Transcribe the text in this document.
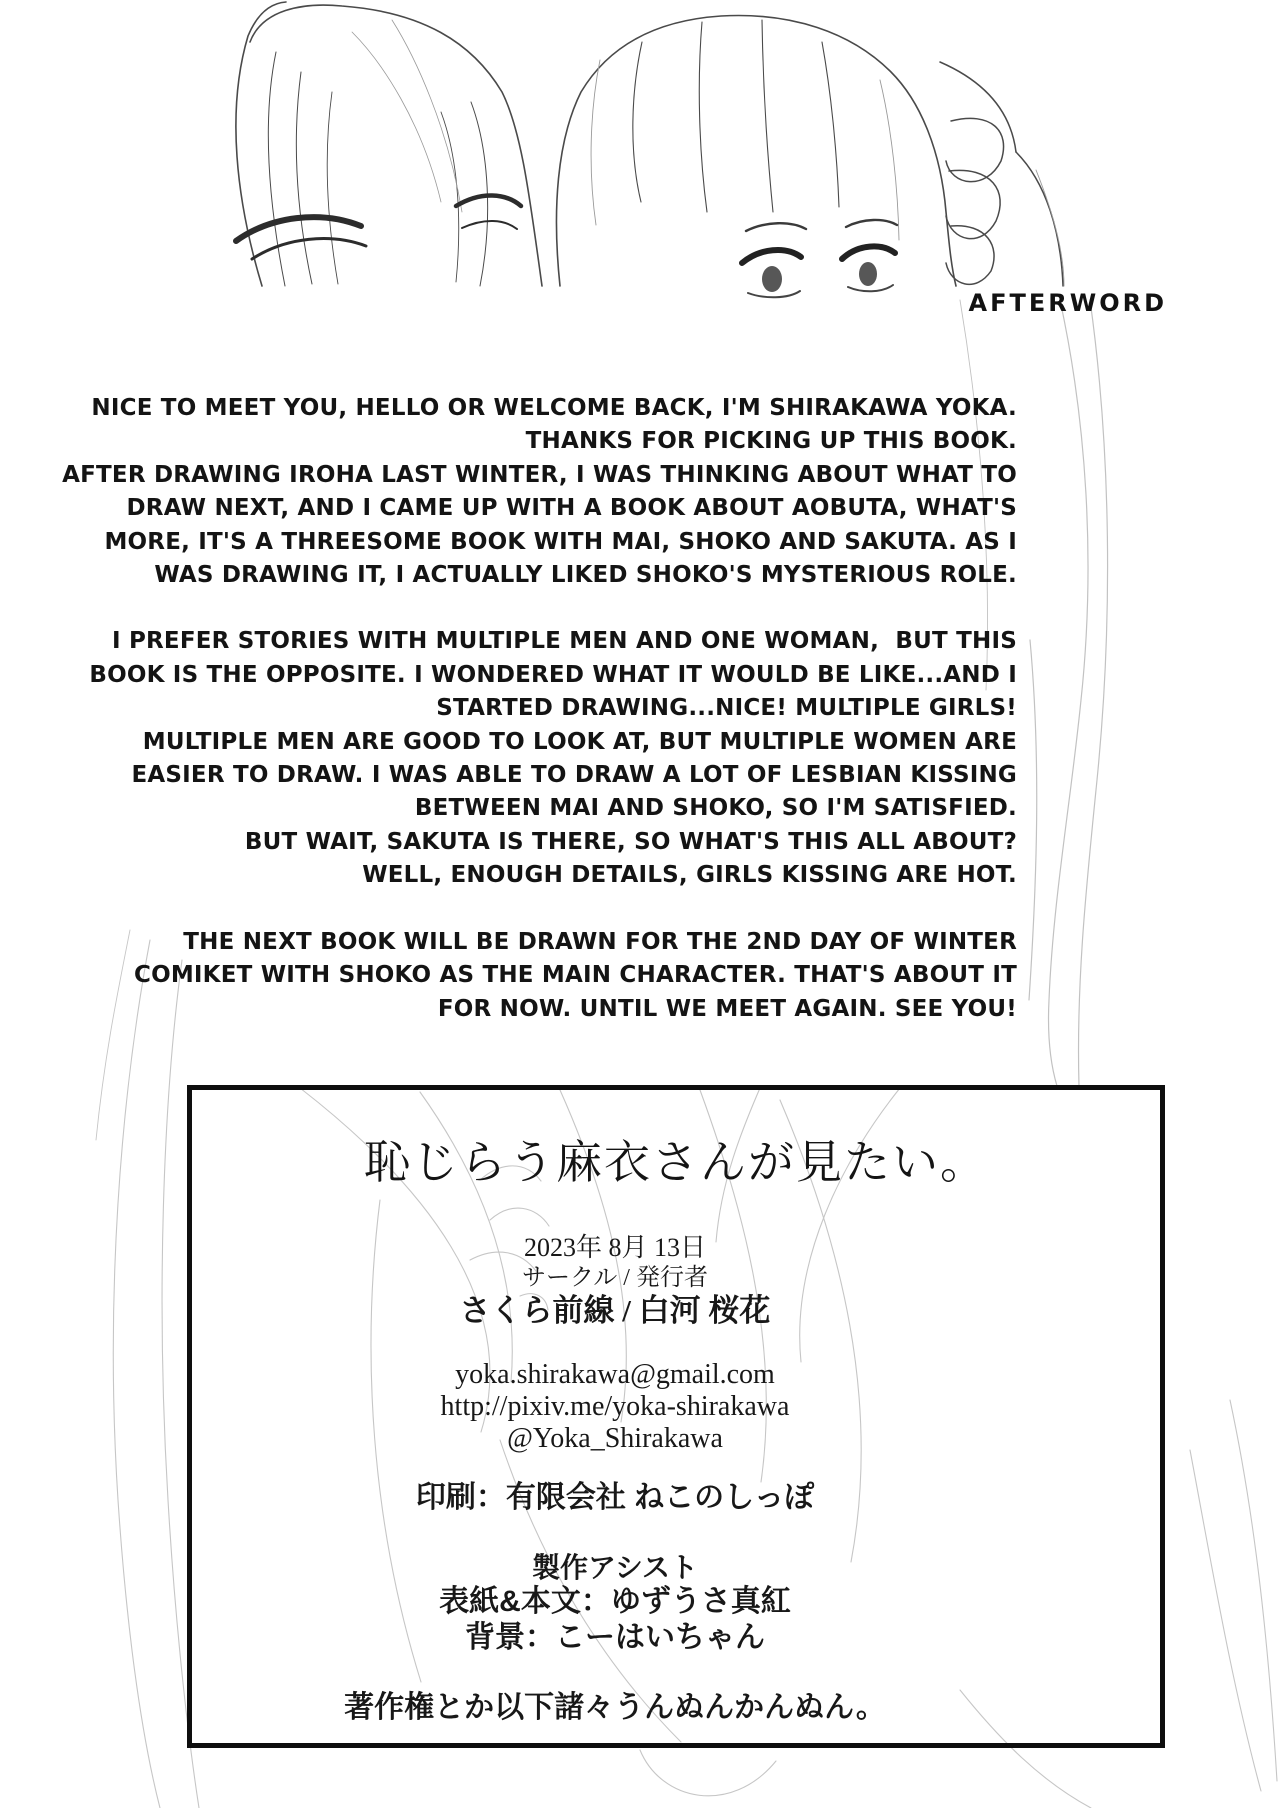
AFTERWORD
NICE TO MEET YOU, HELLO OR WELCOME BACK, I'M SHIRAKAWA YOKA.
THANKS FOR PICKING UP THIS BOOK.
AFTER DRAWING IROHA LAST WINTER, I WAS THINKING ABOUT WHAT TO
DRAW NEXT, AND I CAME UP WITH A BOOK ABOUT AOBUTA, WHAT'S
MORE, IT'S A THREESOME BOOK WITH MAI, SHOKO AND SAKUTA. AS I
WAS DRAWING IT, I ACTUALLY LIKED SHOKO'S MYSTERIOUS ROLE.
I PREFER STORIES WITH MULTIPLE MEN AND ONE WOMAN,  BUT THIS
BOOK IS THE OPPOSITE. I WONDERED WHAT IT WOULD BE LIKE...AND I
STARTED DRAWING...NICE! MULTIPLE GIRLS!
MULTIPLE MEN ARE GOOD TO LOOK AT, BUT MULTIPLE WOMEN ARE
EASIER TO DRAW. I WAS ABLE TO DRAW A LOT OF LESBIAN KISSING
BETWEEN MAI AND SHOKO, SO I'M SATISFIED.
BUT WAIT, SAKUTA IS THERE, SO WHAT'S THIS ALL ABOUT?
WELL, ENOUGH DETAILS, GIRLS KISSING ARE HOT.
THE NEXT BOOK WILL BE DRAWN FOR THE 2ND DAY OF WINTER
COMIKET WITH SHOKO AS THE MAIN CHARACTER. THAT'S ABOUT IT
FOR NOW. UNTIL WE MEET AGAIN. SEE YOU!
恥じらう麻衣さんが見たい。
2023年 8月 13日
サークル / 発行者
さくら前線 / 白河 桜花
yoka.shirakawa@gmail.com
http://pixiv.me/yoka-shirakawa
@Yoka_Shirakawa
印刷：有限会社 ねこのしっぽ
製作アシスト
表紙&本文：ゆずうさ真紅
背景：こーはいちゃん
著作権とか以下諸々うんぬんかんぬん。
